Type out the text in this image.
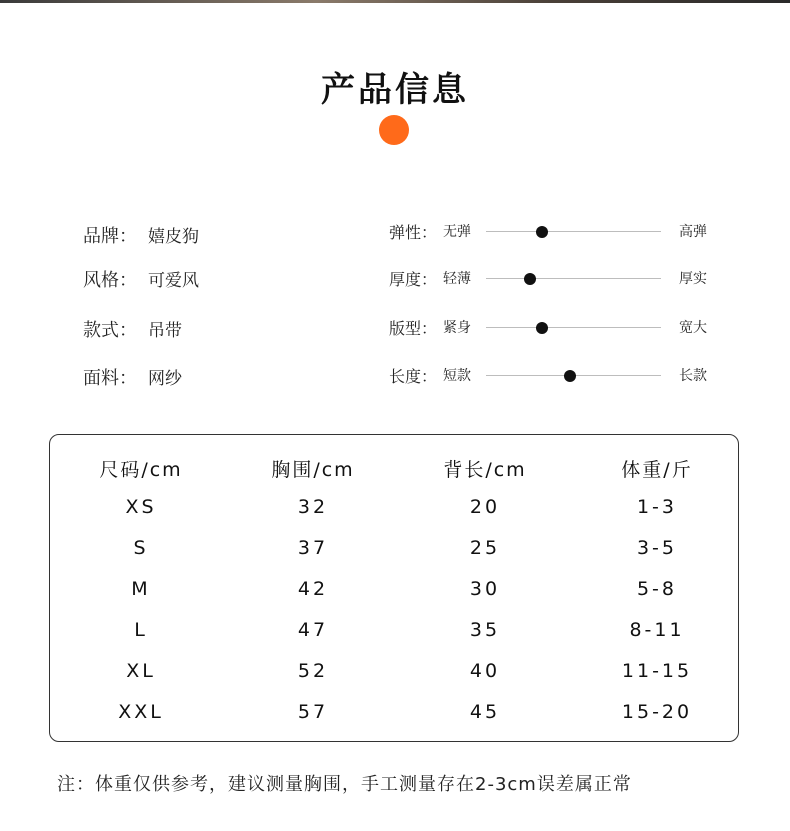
产品信息
品牌： 嬉皮狗
风格： 可爱风
款式： 吊带
面料： 网纱
弹性： 无弹	高弹
厚度： 轻薄	厚实
版型： 紧身	宽大
长度： 短款	长款
尺码/cm	胸围/cm	背长/cm	体重/斤
XS	32	20	1-3
S	37	25	3-5
M	42	30	5-8
L	47	35	8-11
XL	52	40	11-15
XXL	57	45	15-20
注：体重仅供参考，建议测量胸围，手工测量存在2-3cm误差属正常
